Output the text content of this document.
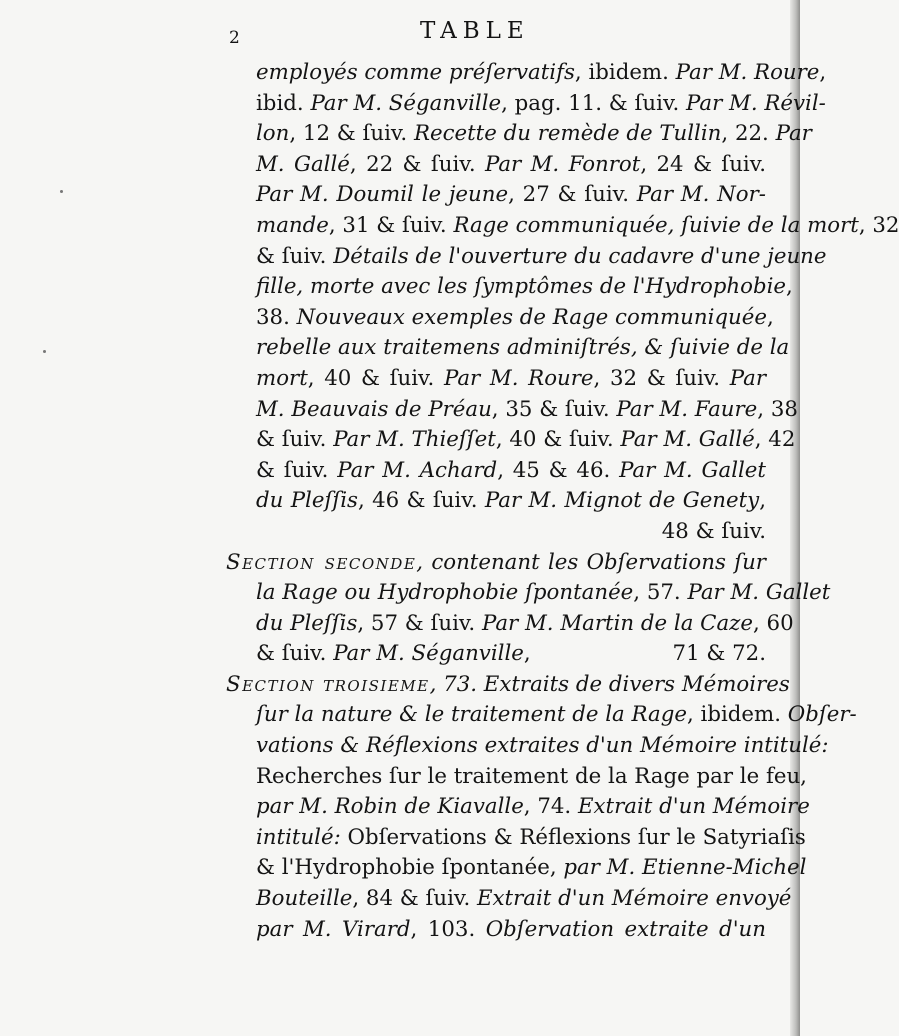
2	TABLE
employés comme préſervatifs, ibidem. Par M. Roure,
ibid. Par M. Séganville, pag. 11. & ſuiv. Par M. Révil-
lon, 12 & ſuiv. Recette du remède de Tullin, 22. Par
M. Gallé, 22 & ſuiv. Par M. Fonrot, 24 & ſuiv.
Par M. Doumil le jeune, 27 & ſuiv. Par M. Nor-
mande, 31 & ſuiv. Rage communiquée, ſuivie de la mort, 32
& ſuiv. Détails de l'ouverture du cadavre d'une jeune
fille, morte avec les ſymptômes de l'Hydrophobie,
38. Nouveaux exemples de Rage communiquée,
rebelle aux traitemens adminiſtrés, & ſuivie de la
mort, 40 & ſuiv. Par M. Roure, 32 & ſuiv. Par
M. Beauvais de Préau, 35 & ſuiv. Par M. Faure, 38
& ſuiv. Par M. Thieſſet, 40 & ſuiv. Par M. Gallé, 42
& ſuiv. Par M. Achard, 45 & 46. Par M. Gallet
du Pleſſis, 46 & ſuiv. Par M. Mignot de Genety,
48 & ſuiv.
Section seconde, contenant les Obſervations ſur
la Rage ou Hydrophobie ſpontanée, 57. Par M. Gallet
du Pleſſis, 57 & ſuiv. Par M. Martin de la Caze, 60
& ſuiv. Par M. Séganville,	71 & 72.
Section troisieme, 73. Extraits de divers Mémoires
ſur la nature & le traitement de la Rage, ibidem. Obſer-
vations & Réflexions extraites d'un Mémoire intitulé:
Recherches ſur le traitement de la Rage par le feu,
par M. Robin de Kiavalle, 74. Extrait d'un Mémoire
intitulé: Obſervations & Réflexions ſur le Satyriaſis
& l'Hydrophobie ſpontanée, par M. Etienne-Michel
Bouteille, 84 & ſuiv. Extrait d'un Mémoire envoyé
par M. Virard, 103. Obſervation extraite d'un
